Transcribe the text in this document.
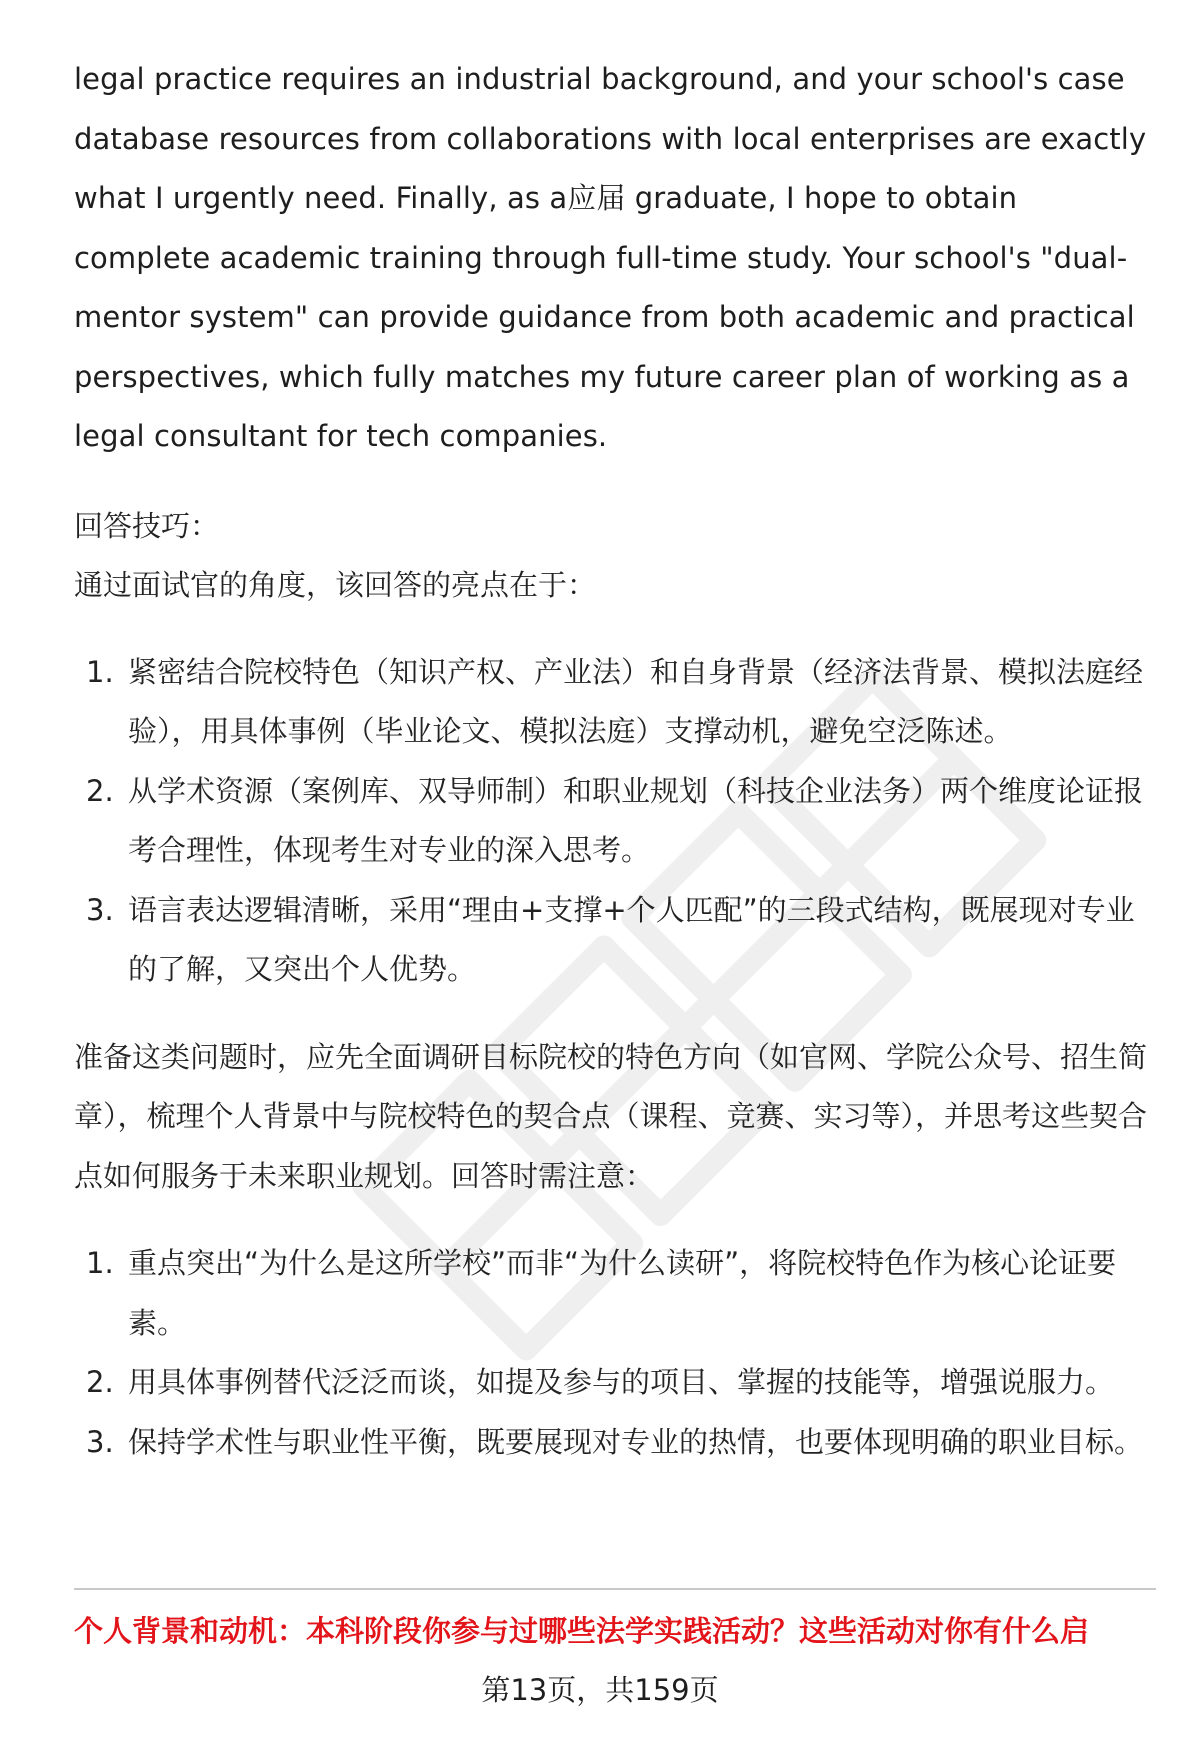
legal practice requires an industrial background, and your school's case database resources from collaborations with local enterprises are exactly what I urgently need. Finally, as a应届 graduate, I hope to obtain complete academic training through full-time study. Your school's "dual-mentor system" can provide guidance from both academic and practical perspectives, which fully matches my future career plan of working as a legal consultant for tech companies.

回答技巧：

通过面试官的角度，该回答的亮点在于：

1. 紧密结合院校特色（知识产权、产业法）和自身背景（经济法背景、模拟法庭经验），用具体事例（毕业论文、模拟法庭）支撑动机，避免空泛陈述。
2. 从学术资源（案例库、双导师制）和职业规划（科技企业法务）两个维度论证报考合理性，体现考生对专业的深入思考。
3. 语言表达逻辑清晰，采用“理由+支撑+个人匹配”的三段式结构，既展现对专业的了解，又突出个人优势。

准备这类问题时，应先全面调研目标院校的特色方向（如官网、学院公众号、招生简章），梳理个人背景中与院校特色的契合点（课程、竞赛、实习等），并思考这些契合点如何服务于未来职业规划。回答时需注意：

1. 重点突出“为什么是这所学校”而非“为什么读研”，将院校特色作为核心论证要素。
2. 用具体事例替代泛泛而谈，如提及参与的项目、掌握的技能等，增强说服力。
3. 保持学术性与职业性平衡，既要展现对专业的热情，也要体现明确的职业目标。
个人背景和动机：本科阶段你参与过哪些法学实践活动？这些活动对你有什么启
第13页，共159页
